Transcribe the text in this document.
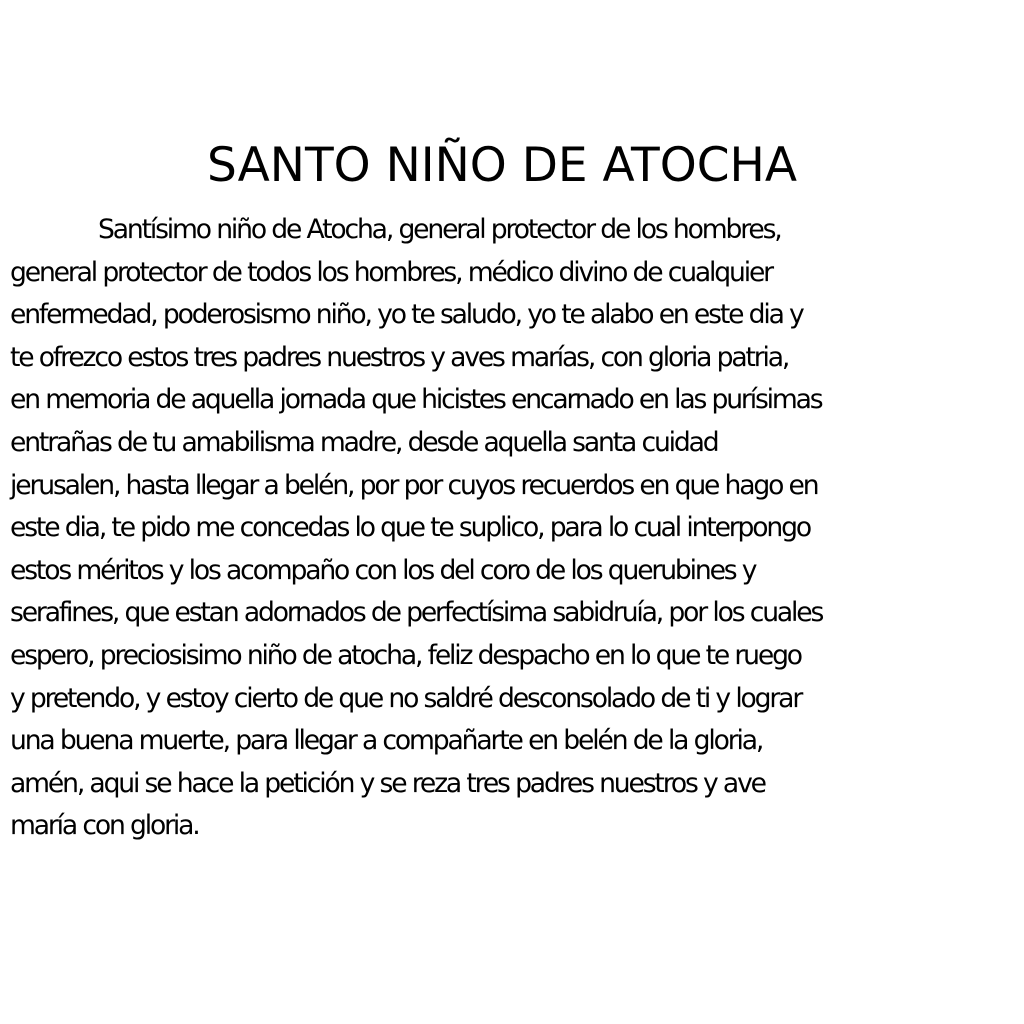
SANTO NIÑO DE ATOCHA
Santísimo niño de Atocha, general protector de los hombres,
general protector de todos los hombres, médico divino de cualquier
enfermedad, poderosismo niño, yo te saludo, yo te alabo en este dia y
te ofrezco estos tres padres nuestros y aves marías, con gloria patria,
en memoria de aquella jornada que hicistes encarnado en las purísimas
entrañas de tu amabilisma madre, desde aquella santa cuidad
jerusalen, hasta llegar a belén, por por cuyos recuerdos en que hago en
este dia, te pido me concedas lo que te suplico, para lo cual interpongo
estos méritos y los acompaño con los del coro de los querubines y
serafines, que estan adornados de perfectísima sabidruía, por los cuales
espero, preciosisimo niño de atocha, feliz despacho en lo que te ruego
y pretendo, y estoy cierto de que no saldré desconsolado de ti y lograr
una buena muerte, para llegar a compañarte en belén de la gloria,
amén, aqui se hace la petición y se reza tres padres nuestros y ave
maría con gloria.
